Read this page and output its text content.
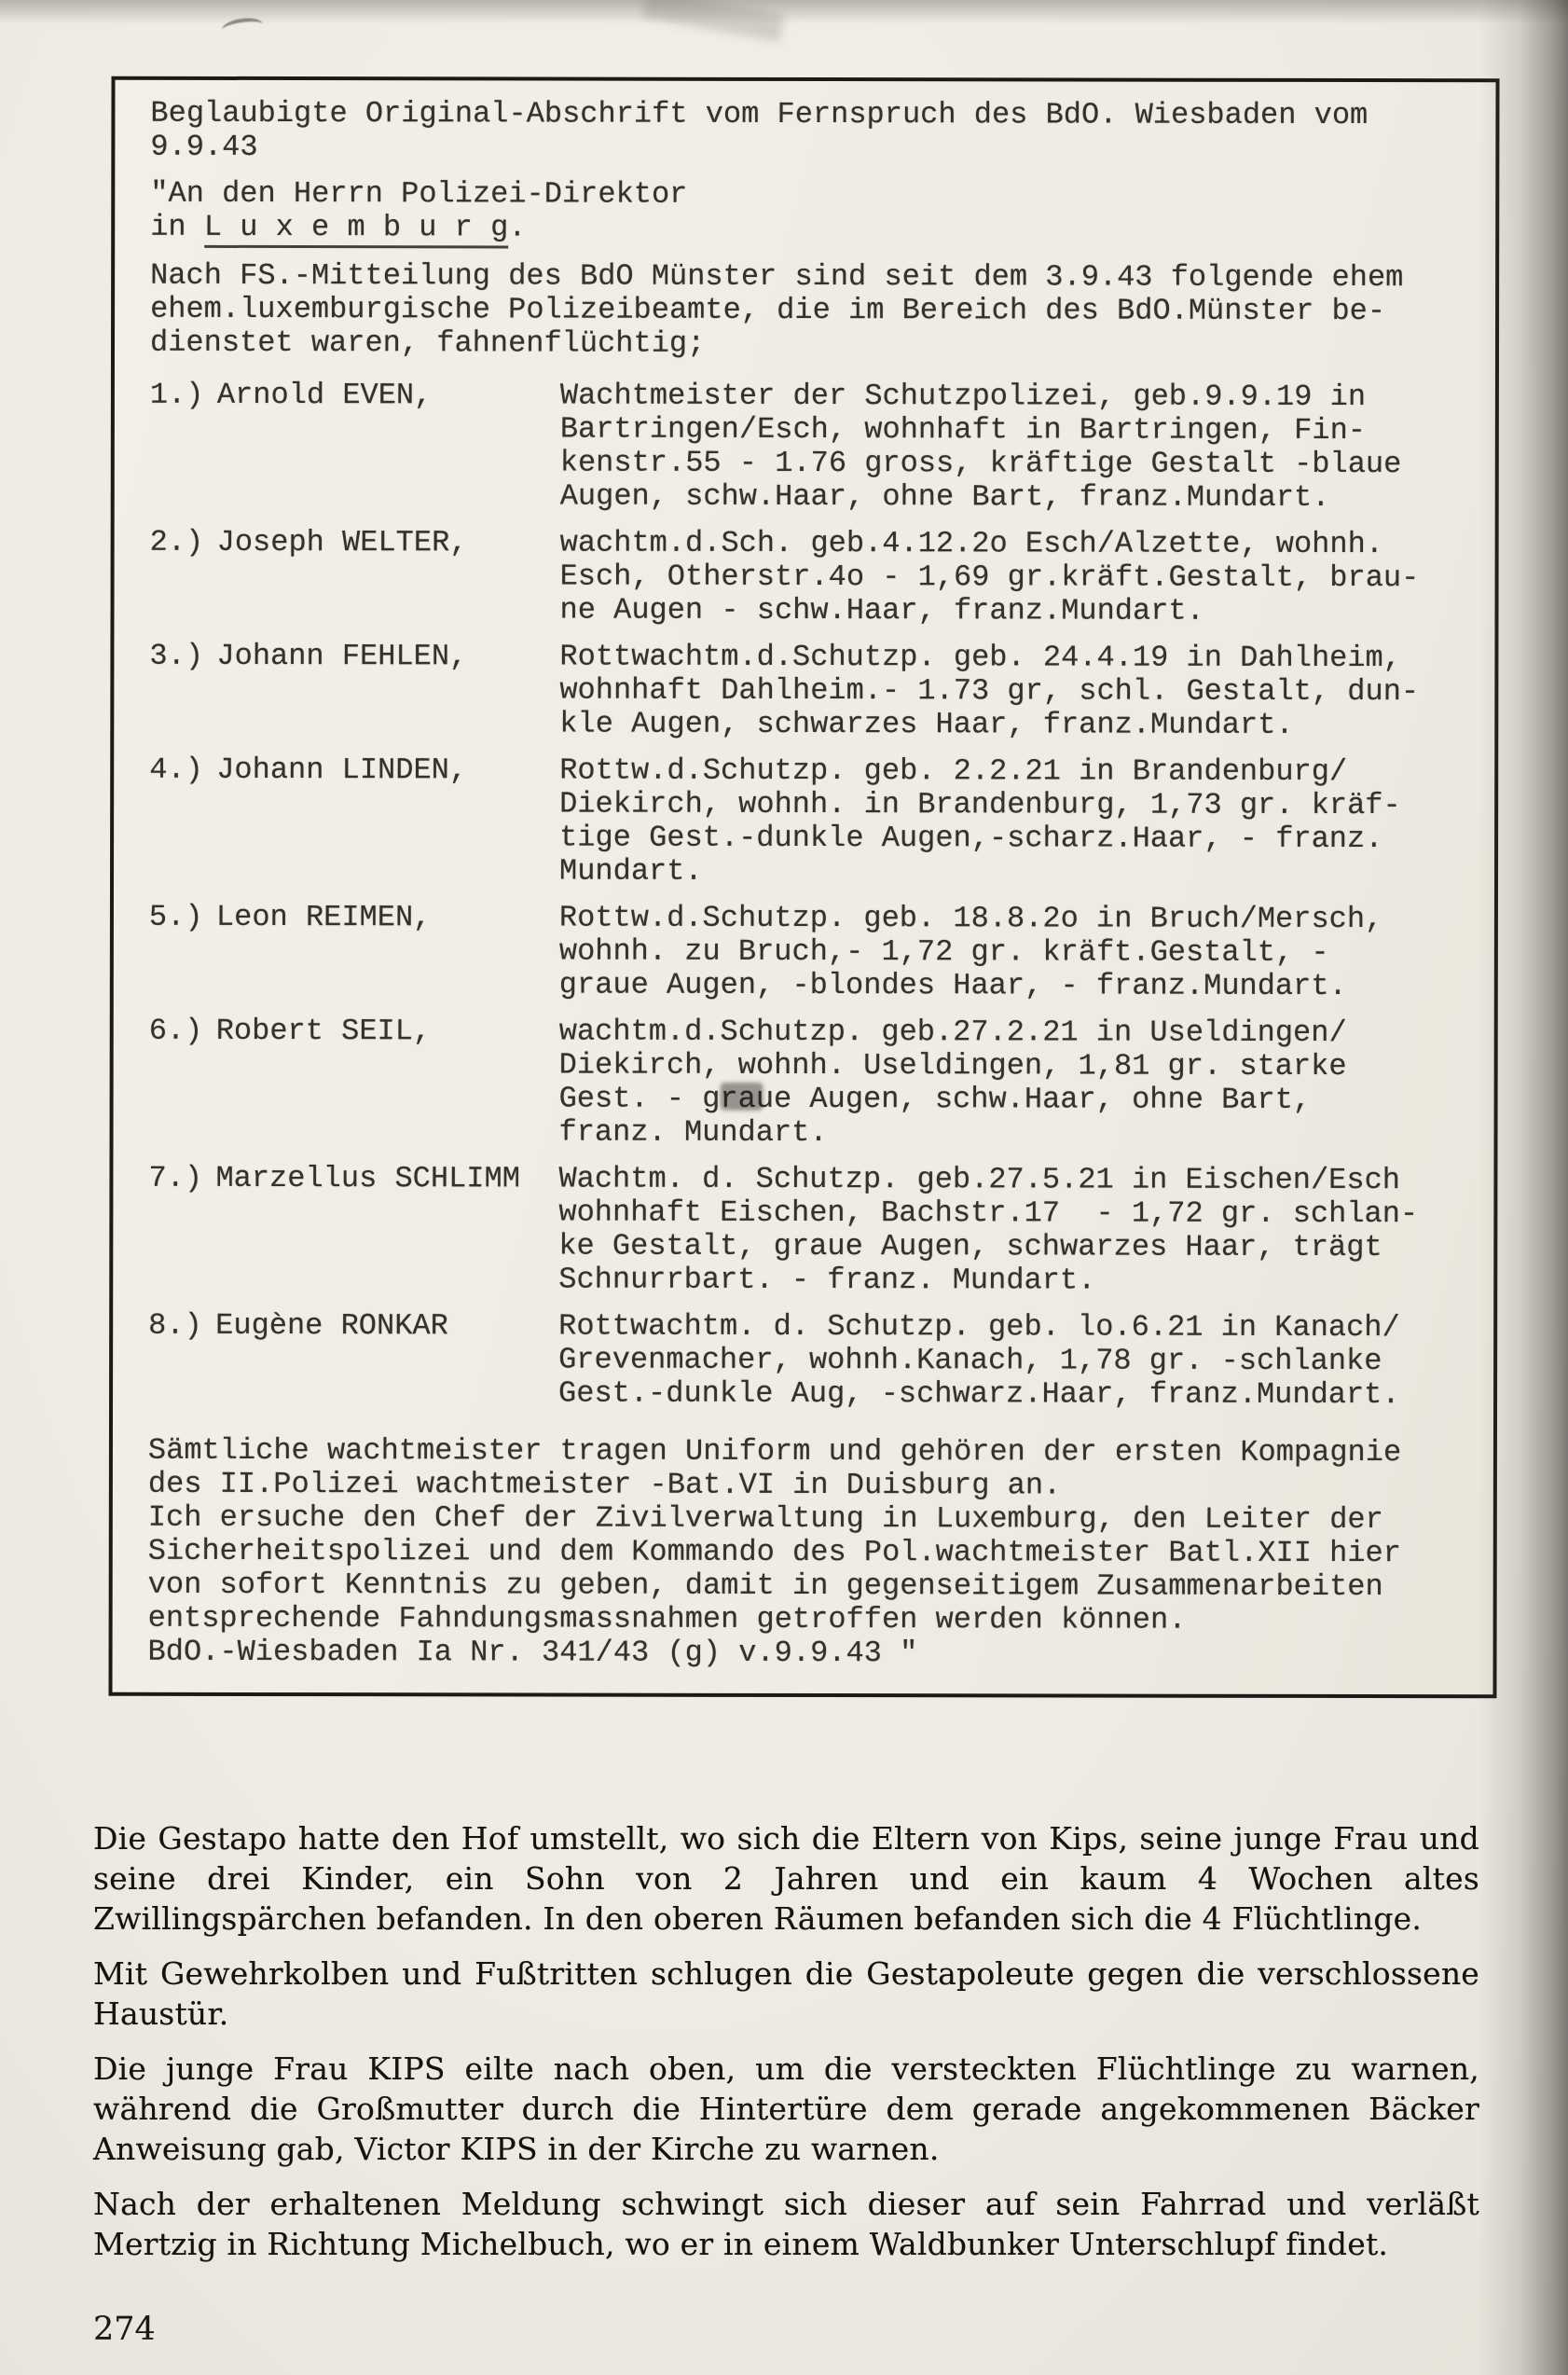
Beglaubigte Original-Abschrift vom Fernspruch des BdO. Wiesbaden vom
9.9.43

"An den Herrn Polizei-Direktor

in L u x e m b u r g.

Nach FS.-Mitteilung des BdO Münster sind seit dem 3.9.43 folgende ehem
ehem.luxemburgische Polizeibeamte, die im Bereich des BdO.Münster be-
dienstet waren, fahnenflüchtig;

1.) Arnold EVEN,	Wachtmeister der Schutzpolizei, geb.9.9.19 in
Bartringen/Esch, wohnhaft in Bartringen, Fin-
kenstr.55 - 1.76 gross, kräftige Gestalt -blaue
Augen, schw.Haar, ohne Bart, franz.Mundart.
2.) Joseph WELTER,	wachtm.d.Sch. geb.4.12.2o Esch/Alzette, wohnh.
Esch, Otherstr.4o - 1,69 gr.kräft.Gestalt, brau-
ne Augen - schw.Haar, franz.Mundart.
3.) Johann FEHLEN,	Rottwachtm.d.Schutzp. geb. 24.4.19 in Dahlheim,
wohnhaft Dahlheim.- 1.73 gr, schl. Gestalt, dun-
kle Augen, schwarzes Haar, franz.Mundart.
4.) Johann LINDEN,	Rottw.d.Schutzp. geb. 2.2.21 in Brandenburg/
Diekirch, wohnh. in Brandenburg, 1,73 gr. kräf-
tige Gest.-dunkle Augen,-scharz.Haar, - franz.
Mundart.
5.) Leon REIMEN,	Rottw.d.Schutzp. geb. 18.8.2o in Bruch/Mersch,
wohnh. zu Bruch,- 1,72 gr. kräft.Gestalt, -
graue Augen, -blondes Haar, - franz.Mundart.
6.) Robert SEIL,	wachtm.d.Schutzp. geb.27.2.21 in Useldingen/
Diekirch, wohnh. Useldingen, 1,81 gr. starke
Gest. - graue Augen, schw.Haar, ohne Bart,
franz. Mundart.
7.) Marzellus SCHLIMM	Wachtm. d. Schutzp. geb.27.5.21 in Eischen/Esch
wohnhaft Eischen, Bachstr.17  - 1,72 gr. schlan-
ke Gestalt, graue Augen, schwarzes Haar, trägt
Schnurrbart. - franz. Mundart.
8.) Eugène RONKAR	Rottwachtm. d. Schutzp. geb. lo.6.21 in Kanach/
Grevenmacher, wohnh.Kanach, 1,78 gr. -schlanke
Gest.-dunkle Aug, -schwarz.Haar, franz.Mundart.

Sämtliche wachtmeister tragen Uniform und gehören der ersten Kompagnie
des II.Polizei wachtmeister -Bat.VI in Duisburg an.
Ich ersuche den Chef der Zivilverwaltung in Luxemburg, den Leiter der
Sicherheitspolizei und dem Kommando des Pol.wachtmeister Batl.XII hier
von sofort Kenntnis zu geben, damit in gegenseitigem Zusammenarbeiten
entsprechende Fahndungsmassnahmen getroffen werden können.
BdO.-Wiesbaden Ia Nr. 341/43 (g) v.9.9.43 "

Die Gestapo hatte den Hof umstellt, wo sich die Eltern von Kips, seine junge Frau und seine drei Kinder, ein Sohn von 2 Jahren und ein kaum 4 Wochen altes Zwillingspärchen befanden. In den oberen Räumen befanden sich die 4 Flüchtlinge.

Mit Gewehrkolben und Fußtritten schlugen die Gestapoleute gegen die verschlossene Haustür.

Die junge Frau KIPS eilte nach oben, um die versteckten Flüchtlinge zu warnen, während die Großmutter durch die Hintertüre dem gerade angekommenen Bäcker Anweisung gab, Victor KIPS in der Kirche zu warnen.

Nach der erhaltenen Meldung schwingt sich dieser auf sein Fahrrad und verläßt Mertzig in Richtung Michelbuch, wo er in einem Waldbunker Unterschlupf findet.

274
